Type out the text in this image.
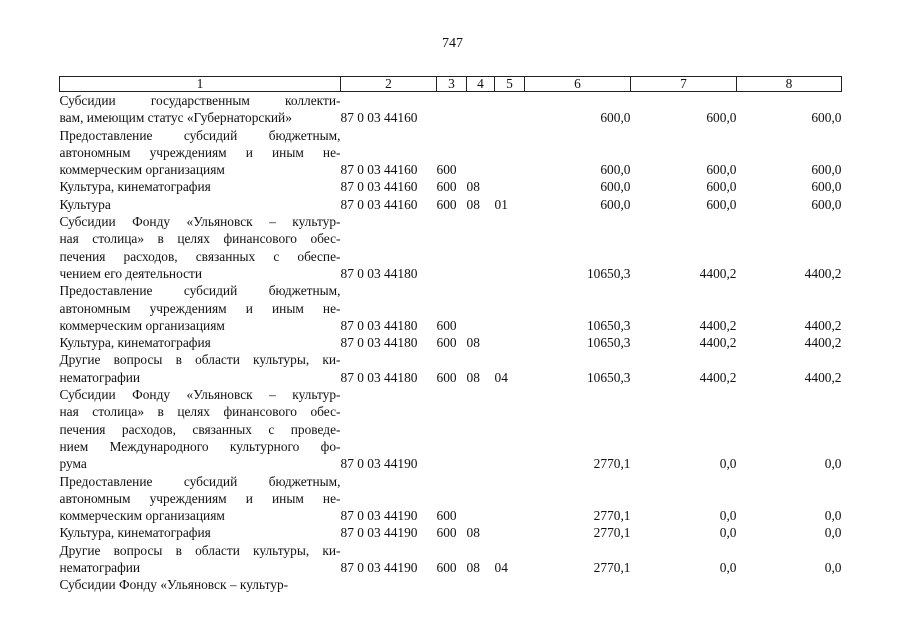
747
1	2	3	4	5	6	7	8

Субсидии государственным коллекти-
вам, имеющим статус «Губернаторский»	87 0 03 44160				600,0	600,0	600,0

Предоставление субсидий бюджетным,
автономным учреждениям и иным не-
коммерческим организациям	87 0 03 44160	600			600,0	600,0	600,0

Культура, кинематография	87 0 03 44160	600	08		600,0	600,0	600,0

Культура	87 0 03 44160	600	08	01	600,0	600,0	600,0

Субсидии Фонду «Ульяновск – культур-
ная столица» в целях финансового обес-
печения расходов, связанных с обеспе-
чением его деятельности	87 0 03 44180				10650,3	4400,2	4400,2

Предоставление субсидий бюджетным,
автономным учреждениям и иным не-
коммерческим организациям	87 0 03 44180	600			10650,3	4400,2	4400,2

Культура, кинематография	87 0 03 44180	600	08		10650,3	4400,2	4400,2

Другие вопросы в области культуры, ки-
нематографии	87 0 03 44180	600	08	04	10650,3	4400,2	4400,2

Субсидии Фонду «Ульяновск – культур-
ная столица» в целях финансового обес-
печения расходов, связанных с проведе-
нием Международного культурного фо-
рума	87 0 03 44190				2770,1	0,0	0,0

Предоставление субсидий бюджетным,
автономным учреждениям и иным не-
коммерческим организациям	87 0 03 44190	600			2770,1	0,0	0,0

Культура, кинематография	87 0 03 44190	600	08		2770,1	0,0	0,0

Другие вопросы в области культуры, ки-
нематографии	87 0 03 44190	600	08	04	2770,1	0,0	0,0

Субсидии Фонду «Ульяновск – культур-							
